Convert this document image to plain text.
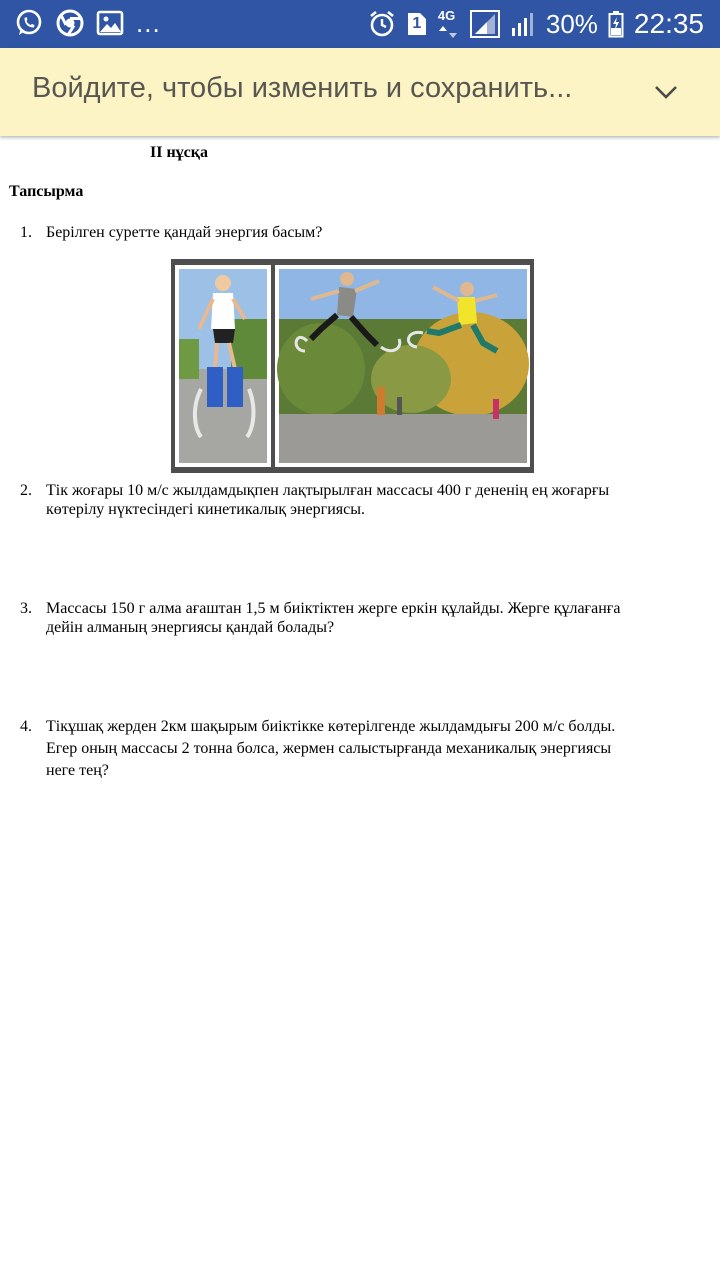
...	1	4G	30% 22:35
Войдите, чтобы изменить и сохранить...
II нұсқа
Тапсырма
1. Берілген суретте қандай энергия басым?
2. Тік жоғары 10 м/с жылдамдықпен лақтырылған массасы 400 г дененің ең жоғарғы
көтерілу нүктесіндегі кинетикалық энергиясы.
3. Массасы 150 г алма ағаштан 1,5 м биіктіктен жерге еркін құлайды. Жерге құлағанға
дейін алманың энергиясы қандай болады?
4. Тікұшақ жерден 2км шақырым биіктікке көтерілгенде жылдамдығы 200 м/с болды.
Егер оның массасы 2 тонна болса, жермен салыстырғанда механикалық энергиясы
неге тең?
